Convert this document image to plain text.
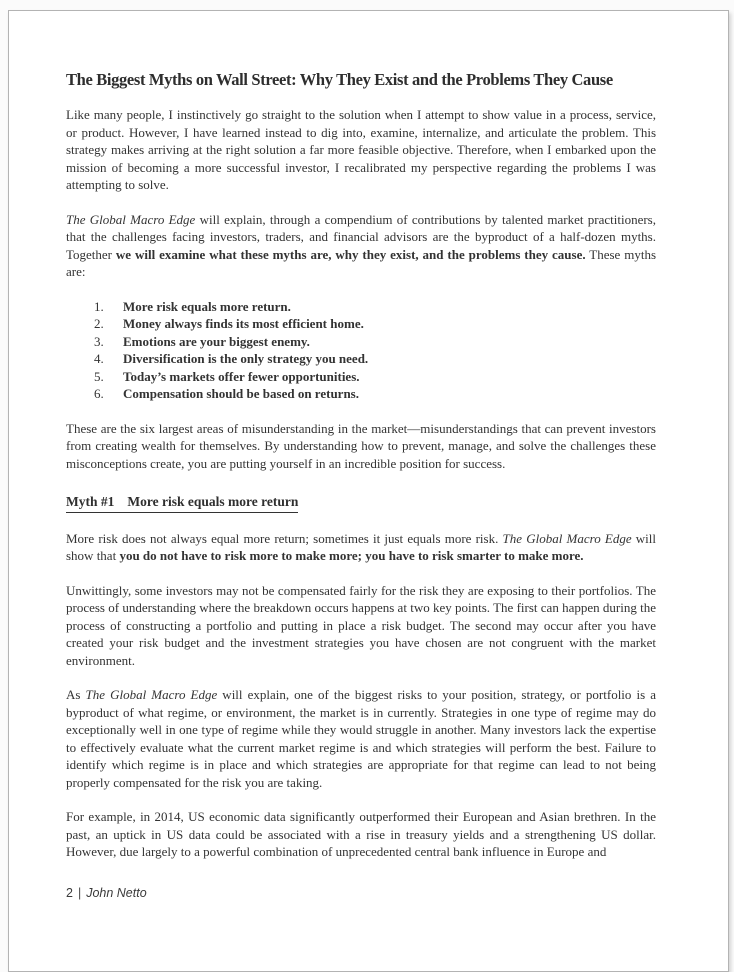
The Biggest Myths on Wall Street: Why They Exist and the Problems They Cause

Like many people, I instinctively go straight to the solution when I attempt to show value in a process, service, or product. However, I have learned instead to dig into, examine, internalize, and articulate the problem. This strategy makes arriving at the right solution a far more feasible objective. Therefore, when I embarked upon the mission of becoming a more successful investor, I recalibrated my perspective regarding the problems I was attempting to solve.

The Global Macro Edge will explain, through a compendium of contributions by talented market practitioners, that the challenges facing investors, traders, and financial advisors are the byproduct of a half-dozen myths. Together we will examine what these myths are, why they exist, and the problems they cause. These myths are:

1.	More risk equals more return.
2.	Money always finds its most efficient home.
3.	Emotions are your biggest enemy.
4.	Diversification is the only strategy you need.
5.	Today’s markets offer fewer opportunities.
6.	Compensation should be based on returns.

These are the six largest areas of misunderstanding in the market—misunderstandings that can prevent investors from creating wealth for themselves. By understanding how to prevent, manage, and solve the challenges these misconceptions create, you are putting yourself in an incredible position for success.

Myth #1 More risk equals more return

More risk does not always equal more return; sometimes it just equals more risk. The Global Macro Edge will show that you do not have to risk more to make more; you have to risk smarter to make more.

Unwittingly, some investors may not be compensated fairly for the risk they are exposing to their portfolios. The process of understanding where the breakdown occurs happens at two key points. The first can happen during the process of constructing a portfolio and putting in place a risk budget. The second may occur after you have created your risk budget and the investment strategies you have chosen are not congruent with the market environment.

As The Global Macro Edge will explain, one of the biggest risks to your position, strategy, or portfolio is a byproduct of what regime, or environment, the market is in currently. Strategies in one type of regime may do exceptionally well in one type of regime while they would struggle in another. Many investors lack the expertise to effectively evaluate what the current market regime is and which strategies will perform the best. Failure to identify which regime is in place and which strategies are appropriate for that regime can lead to not being properly compensated for the risk you are taking.

For example, in 2014, US economic data significantly outperformed their European and Asian brethren. In the past, an uptick in US data could be associated with a rise in treasury yields and a strengthening US dollar. However, due largely to a powerful combination of unprecedented central bank influence in Europe and

2 | John Netto
